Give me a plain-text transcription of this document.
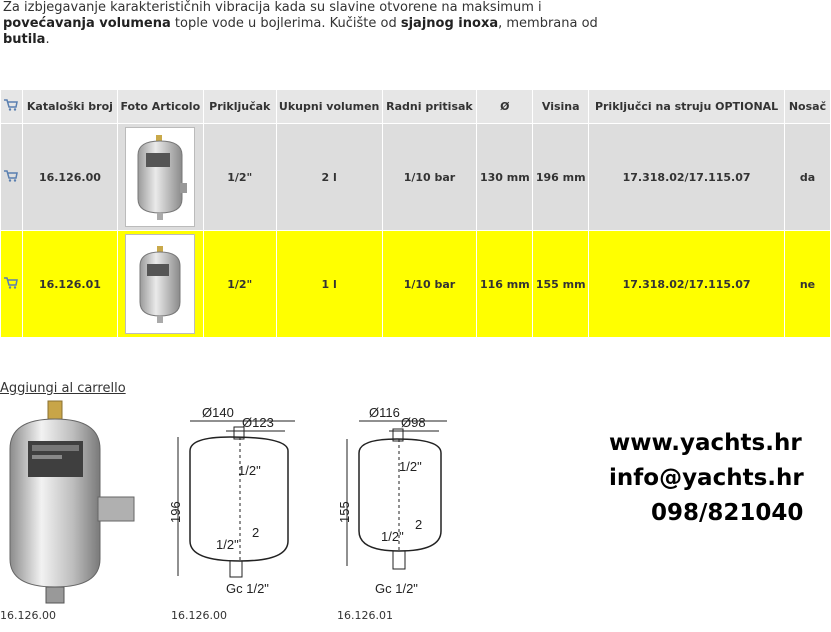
Za izbjegavanje karakterističnih vibracija kada su slavine otvorene na maksimum i povećavanja volumena tople vode u bojlerima. Kučište od sjajnog inoxa, membrana od butila.
	Kataloški broj	Foto Articolo	Priključak	Ukupni volumen	Radni pritisak	Ø	Visina	Priključci na struju OPTIONAL	Nosač

	16.126.00		1/2"	2 l	1/10 bar	130 mm	196 mm	17.318.02/17.115.07	da

	16.126.01		1/2"	1 l	1/10 bar	116 mm	155 mm	17.318.02/17.115.07	ne
Aggiungi al carrello
Ø140
Ø123
196
1/2"
2
1/2"
Gc 1/2"
Ø116
Ø98
155
1/2"
2
1/2"
Gc 1/2"
16.126.00	16.126.00	16.126.01
www.yachts.hr
info@yachts.hr
098/821040
